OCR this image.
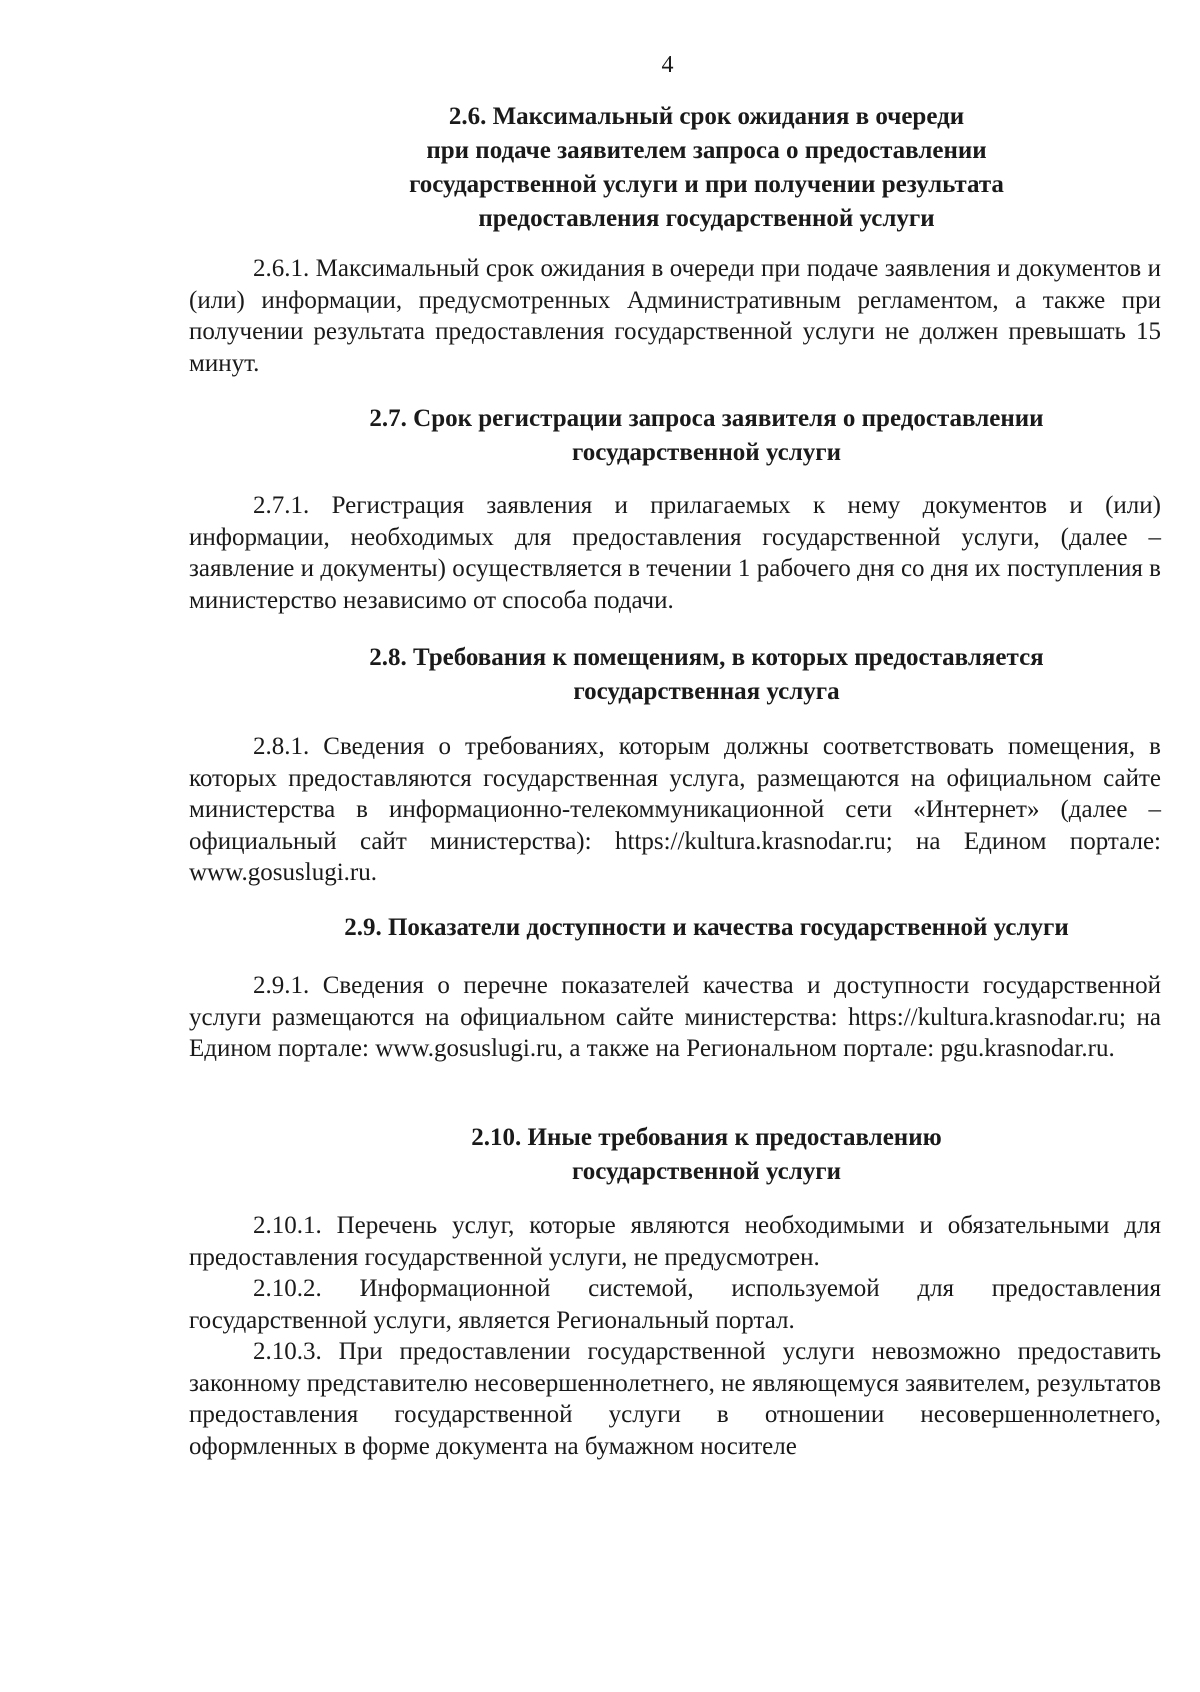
4
2.6. Максимальный срок ожидания в очереди
при подаче заявителем запроса о предоставлении
государственной услуги и при получении результата
предоставления государственной услуги

2.6.1. Максимальный срок ожидания в очереди при подаче заявления и документов и (или) информации, предусмотренных Административным регламентом, а также при получении результата предоставления государственной услуги не должен превышать 15 минут.

2.7. Срок регистрации запроса заявителя о предоставлении
государственной услуги

2.7.1. Регистрация заявления и прилагаемых к нему документов и (или) информации, необходимых для предоставления государственной услуги, (далее – заявление и документы) осуществляется в течении 1 рабочего дня со дня их поступления в министерство независимо от способа подачи.

2.8. Требования к помещениям, в которых предоставляется
государственная услуга

2.8.1. Сведения о требованиях, которым должны соответствовать помещения, в которых предоставляются государственная услуга, размещаются на официальном сайте министерства в информационно-телекоммуникационной сети «Интернет» (далее – официальный сайт министерства): https://kultura.krasnodar.ru; на Едином портале: www.gosuslugi.ru.

2.9. Показатели доступности и качества государственной услуги

2.9.1. Сведения о перечне показателей качества и доступности государственной услуги размещаются на официальном сайте министерства: https://kultura.krasnodar.ru; на Едином портале: www.gosuslugi.ru, а также на Региональном портале: pgu.krasnodar.ru.

2.10. Иные требования к предоставлению
государственной услуги

2.10.1. Перечень услуг, которые являются необходимыми и обязательными для предоставления государственной услуги, не предусмотрен.

2.10.2. Информационной системой, используемой для предоставления государственной услуги, является Региональный портал.

2.10.3. При предоставлении государственной услуги невозможно предоставить законному представителю несовершеннолетнего, не являющемуся заявителем, результатов предоставления государственной услуги в отношении несовершеннолетнего, оформленных в форме документа на бумажном носителе
